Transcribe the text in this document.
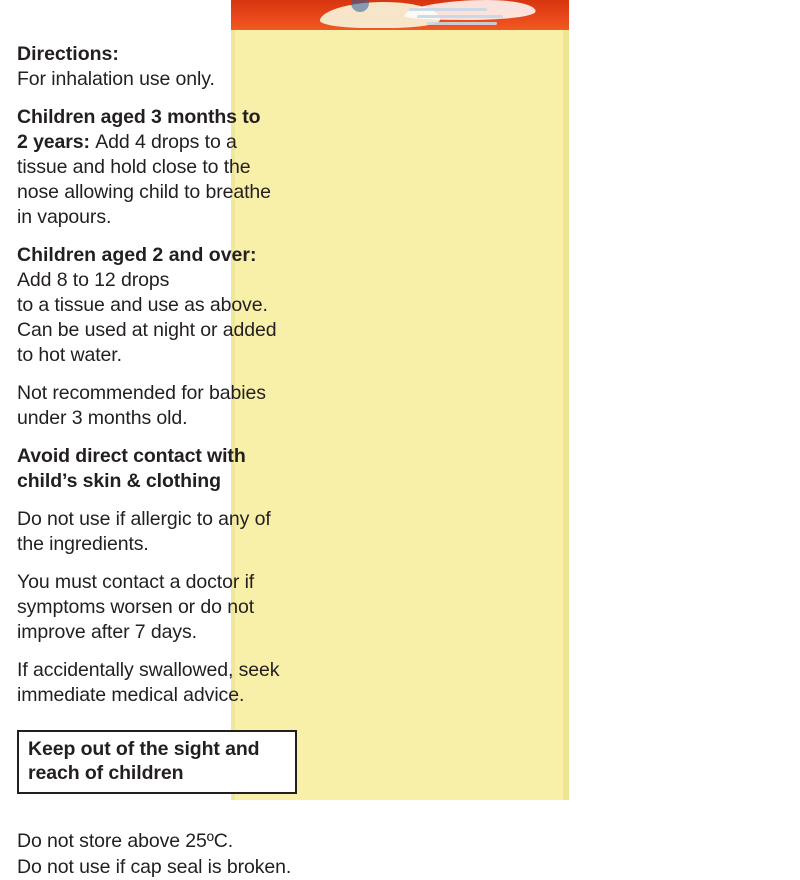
Directions:
For inhalation use only.
Children aged 3 months to
2 years: Add 4 drops to a
tissue and hold close to the
nose allowing child to breathe
in vapours.
Children aged 2 and over:
Add 8 to 12 drops
to a tissue and use as above.
Can be used at night or added
to hot water.
Not recommended for babies
under 3 months old.
Avoid direct contact with
child’s skin & clothing
Do not use if allergic to any of
the ingredients.
You must contact a doctor if
symptoms worsen or do not
improve after 7 days.
If accidentally swallowed, seek
immediate medical advice.
Keep out of the sight and
reach of children
Do not store above 25ºC.
Do not use if cap seal is broken.
